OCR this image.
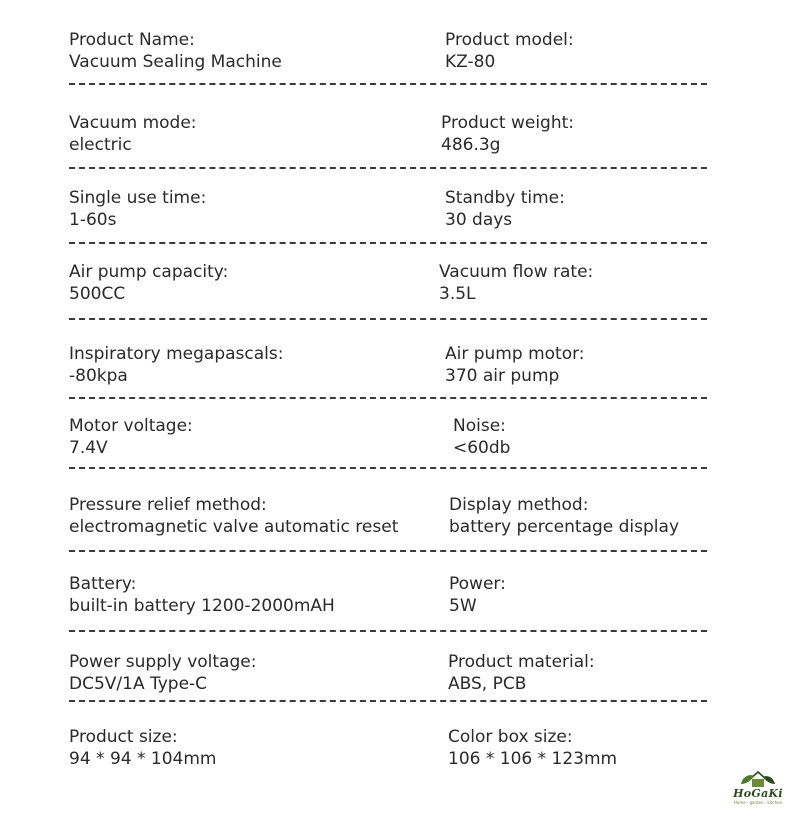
Product Name:
Vacuum Sealing Machine
Product model:
KZ-80
Vacuum mode:
electric
Product weight:
486.3g
Single use time:
1-60s
Standby time:
30 days
Air pump capacity:
500CC
Vacuum flow rate:
3.5L
Inspiratory megapascals:
-80kpa
Air pump motor:
370 air pump
Motor voltage:
7.4V
Noise:
<60db
Pressure relief method:
electromagnetic valve automatic reset
Display method:
battery percentage display
Battery:
built-in battery 1200-2000mAH
Power:
5W
Power supply voltage:
DC5V/1A Type-C
Product material:
ABS, PCB
Product size:
94 * 94 * 104mm
Color box size:
106 * 106 * 123mm
HoGaKi
Home · garden · kitchen
